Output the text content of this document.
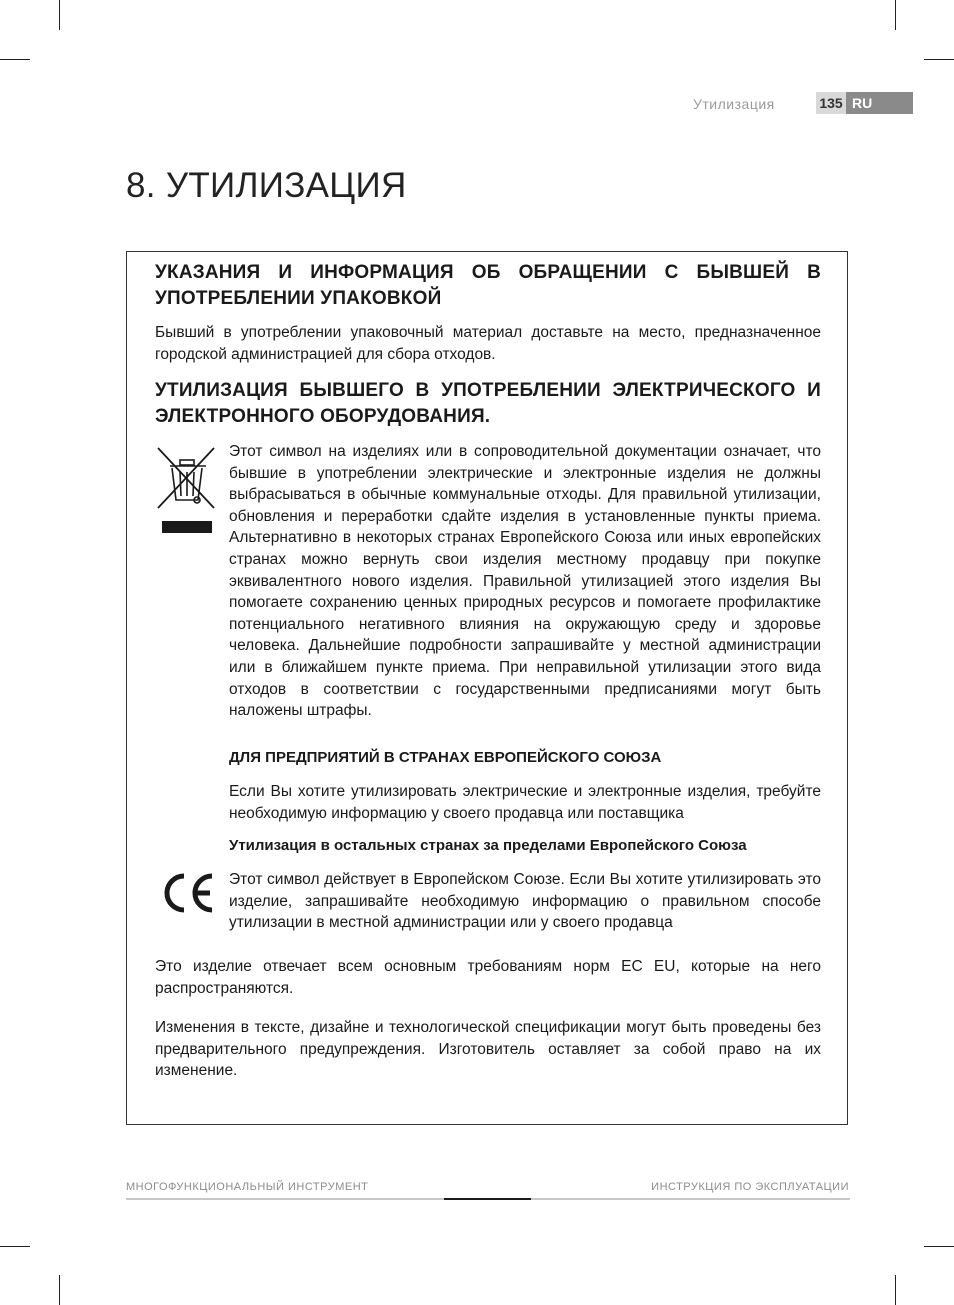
Утилизация	135 RU
8. УТИЛИЗАЦИЯ
УКАЗАНИЯ И ИНФОРМАЦИЯ ОБ ОБРАЩЕНИИ С БЫВШЕЙ В УПОТРЕБЛЕНИИ УПАКОВКОЙ
Бывший в употреблении упаковочный материал доставьте на место, предназначенное городской администрацией для сбора отходов.
УТИЛИЗАЦИЯ БЫВШЕГО В УПОТРЕБЛЕНИИ ЭЛЕКТРИЧЕСКОГО И ЭЛЕКТРОННОГО ОБОРУДОВАНИЯ.
Этот символ на изделиях или в сопроводительной документации означает, что бывшие в употреблении электрические и электронные изделия не должны выбрасываться в обычные коммунальные отходы. Для правильной утилизации, обновления и переработки сдайте изделия в установленные пункты приема. Альтернативно в некоторых странах Европейского Союза или иных европейских странах можно вернуть свои изделия местному продавцу при покупке эквивалентного нового изделия. Правильной утилизацией этого изделия Вы помогаете сохранению ценных природных ресурсов и помогаете профилактике потенциального негативного влияния на окружающую среду и здоровье человека. Дальнейшие подробности запрашивайте у местной администрации или в ближайшем пункте приема. При неправильной утилизации этого вида отходов в соответствии с государственными предписаниями могут быть наложены штрафы.
ДЛЯ ПРЕДПРИЯТИЙ В СТРАНАХ ЕВРОПЕЙСКОГО СОЮЗА
Если Вы хотите утилизировать электрические и электронные изделия, требуйте необходимую информацию у своего продавца или поставщика
Утилизация в остальных странах за пределами Европейского Союза
Этот символ действует в Европейском Союзе. Если Вы хотите утилизировать это изделие, запрашивайте необходимую информацию о правильном способе утилизации в местной администрации или у своего продавца
Это изделие отвечает всем основным требованиям норм EC EU, которые на него распространяются.
Изменения в тексте, дизайне и технологической спецификации могут быть проведены без предварительного предупреждения. Изготовитель оставляет за собой право на их изменение.
МНОГОФУНКЦИОНАЛЬНЫЙ ИНСТРУМЕНТ	ИНСТРУКЦИЯ ПО ЭКСПЛУАТАЦИИ
